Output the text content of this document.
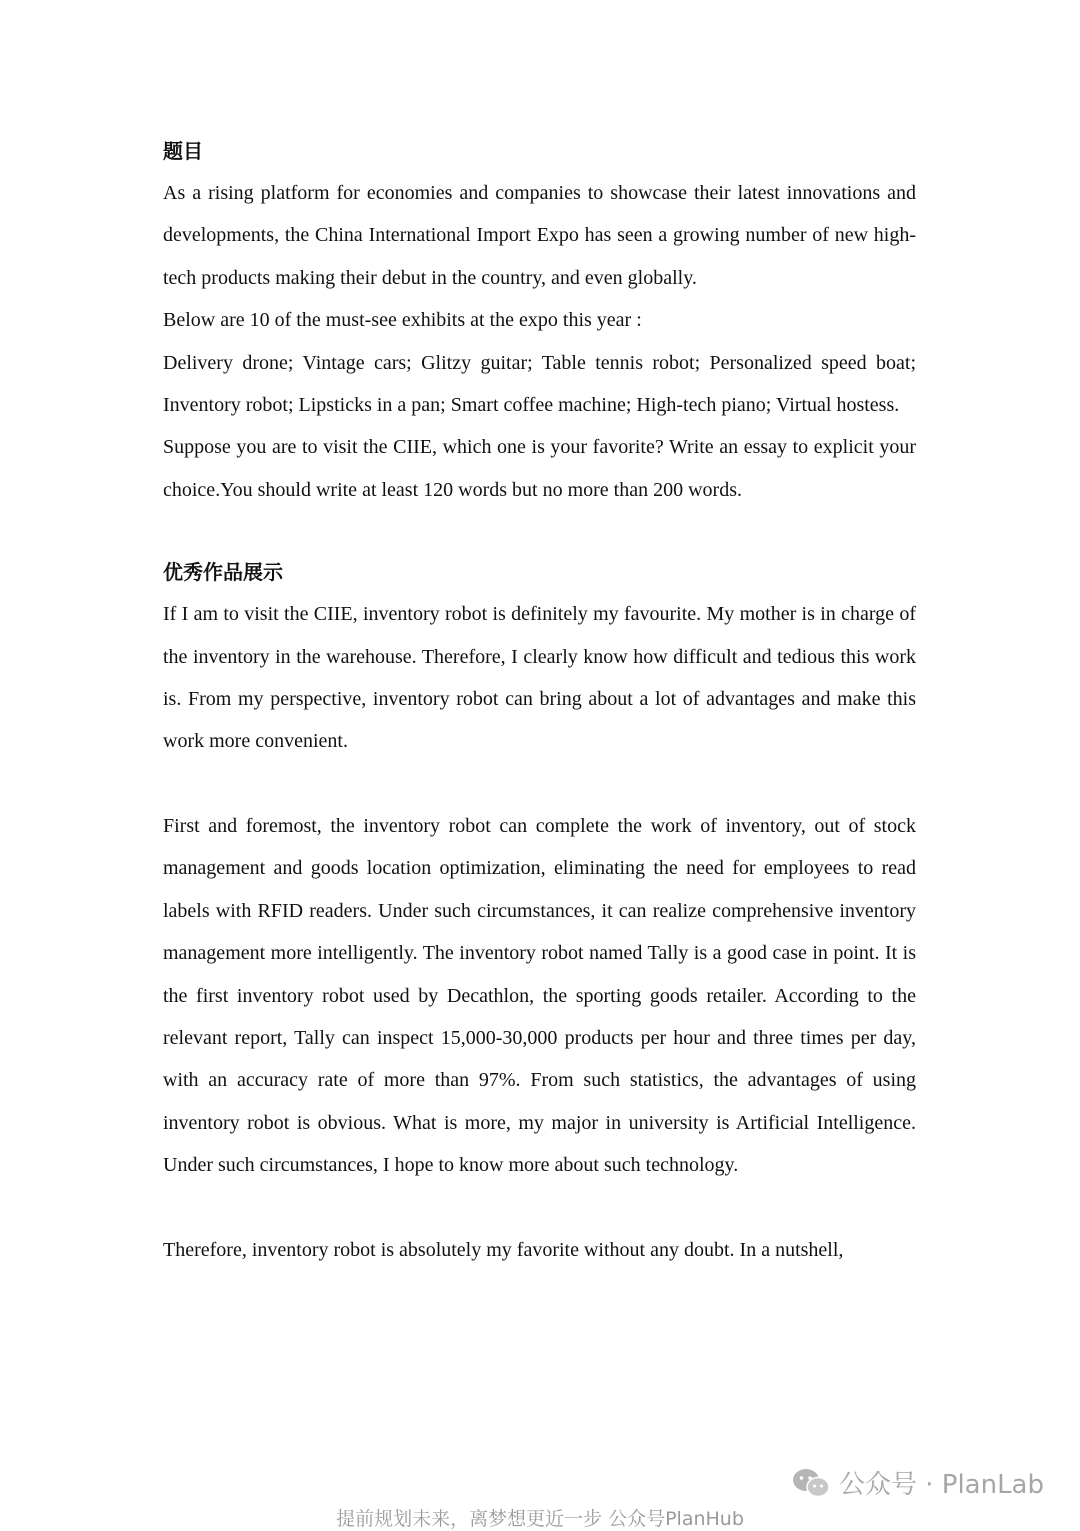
题目

As a rising platform for economies and companies to showcase their latest innovations and developments, the China International Import Expo has seen a growing number of new high-tech products making their debut in the country, and even globally.

Below are 10 of the must-see exhibits at the expo this year :

Delivery drone; Vintage cars; Glitzy guitar; Table tennis robot; Personalized speed boat; Inventory robot; Lipsticks in a pan; Smart coffee machine; High-tech piano; Virtual hostess.

Suppose you are to visit the CIIE, which one is your favorite? Write an essay to explicit your choice.You should write at least 120 words but no more than 200 words.

优秀作品展示

If I am to visit the CIIE, inventory robot is definitely my favourite. My mother is in charge of the inventory in the warehouse. Therefore, I clearly know how difficult and tedious this work is. From my perspective, inventory robot can bring about a lot of advantages and make this work more convenient.

First and foremost, the inventory robot can complete the work of inventory, out of stock management and goods location optimization, eliminating the need for employees to read labels with RFID readers. Under such circumstances, it can realize comprehensive inventory management more intelligently. The inventory robot named Tally is a good case in point. It is the first inventory robot used by Decathlon, the sporting goods retailer. According to the relevant report, Tally can inspect 15,000-30,000 products per hour and three times per day, with an accuracy rate of more than 97%. From such statistics, the advantages of using inventory robot is obvious. What is more, my major in university is Artificial Intelligence. Under such circumstances, I hope to know more about such technology.

Therefore, inventory robot is absolutely my favorite without any doubt. In a nutshell,

公众号 · PlanLab
提前规划未来，离梦想更近一步 公众号PlanHub
